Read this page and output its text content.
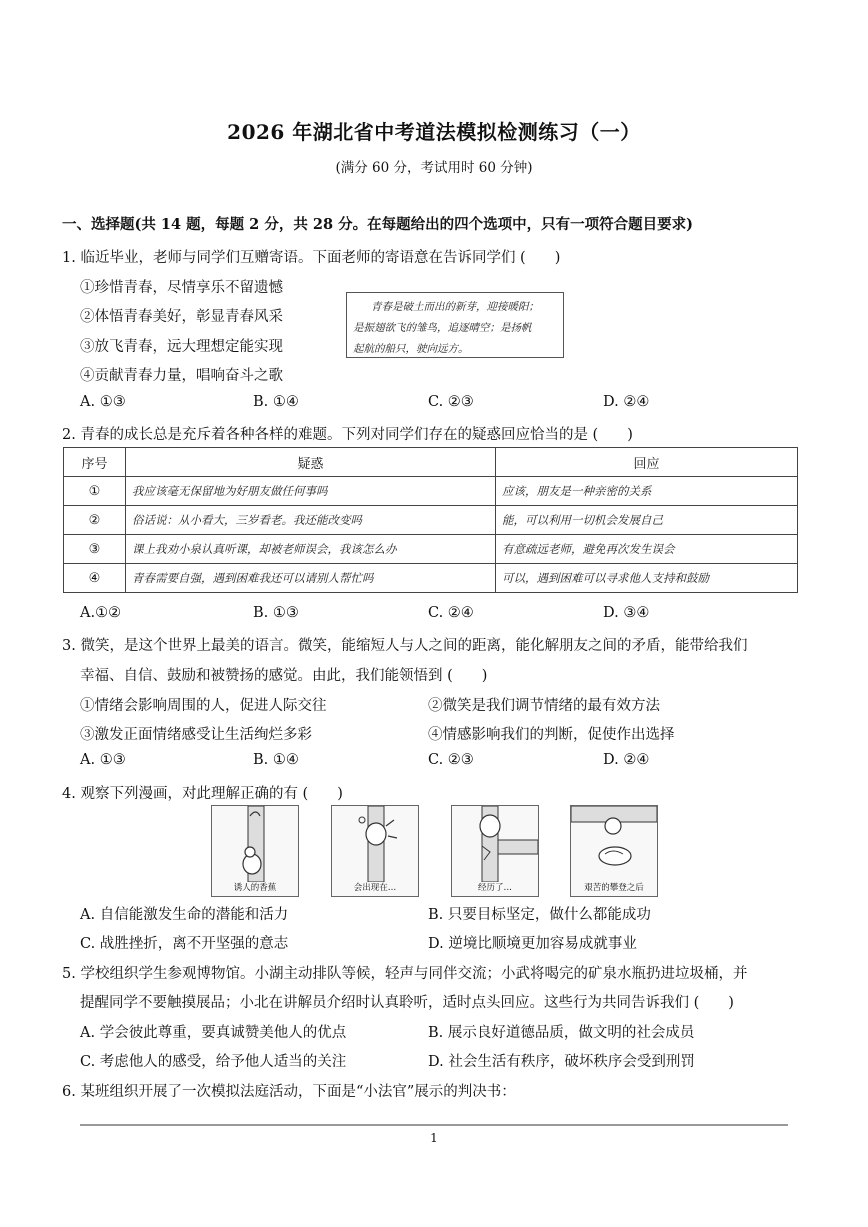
2026 年湖北省中考道法模拟检测练习（一）
(满分 60 分，考试用时 60 分钟)
一、选择题(共 14 题，每题 2 分，共 28 分。在每题给出的四个选项中，只有一项符合题目要求)
1. 临近毕业，老师与同学们互赠寄语。下面老师的寄语意在告诉同学们 (　　)
①珍惜青春，尽情享乐不留遗憾
②体悟青春美好，彰显青春风采
③放飞青春，远大理想定能实现
④贡献青春力量，唱响奋斗之歌
青春是破土而出的新芽，迎接暖阳；
是振翅欲飞的雏鸟，追逐晴空；是扬帆
起航的船只，驶向远方。
A. ①③	B. ①④	C. ②③	D. ②④
2. 青春的成长总是充斥着各种各样的难题。下列对同学们存在的疑惑回应恰当的是 (　　)
序号	疑惑	回应
①	我应该毫无保留地为好朋友做任何事吗	应该，朋友是一种亲密的关系
②	俗话说：从小看大，三岁看老。我还能改变吗	能，可以利用一切机会发展自己
③	课上我劝小泉认真听课，却被老师误会，我该怎么办	有意疏远老师，避免再次发生误会
④	青春需要自强，遇到困难我还可以请别人帮忙吗	可以，遇到困难可以寻求他人支持和鼓励
A.①②	B. ①③	C. ②④	D. ③④
3. 微笑，是这个世界上最美的语言。微笑，能缩短人与人之间的距离，能化解朋友之间的矛盾，能带给我们
幸福、自信、鼓励和被赞扬的感觉。由此，我们能领悟到 (　　)
①情绪会影响周围的人，促进人际交往	②微笑是我们调节情绪的最有效方法
③激发正面情绪感受让生活绚烂多彩	④情感影响我们的判断，促使作出选择
A. ①③	B. ①④	C. ②③	D. ②④
4. 观察下列漫画，对此理解正确的有 (　　)
诱人的香蕉	会出现在…	经历了…	艰苦的攀登之后
A. 自信能激发生命的潜能和活力	B. 只要目标坚定，做什么都能成功
C. 战胜挫折，离不开坚强的意志	D. 逆境比顺境更加容易成就事业
5. 学校组织学生参观博物馆。小湖主动排队等候，轻声与同伴交流；小武将喝完的矿泉水瓶扔进垃圾桶，并
提醒同学不要触摸展品；小北在讲解员介绍时认真聆听，适时点头回应。这些行为共同告诉我们 (　　)
A. 学会彼此尊重，要真诚赞美他人的优点	B. 展示良好道德品质，做文明的社会成员
C. 考虑他人的感受，给予他人适当的关注	D. 社会生活有秩序，破坏秩序会受到刑罚
6. 某班组织开展了一次模拟法庭活动，下面是“小法官”展示的判决书：
1
